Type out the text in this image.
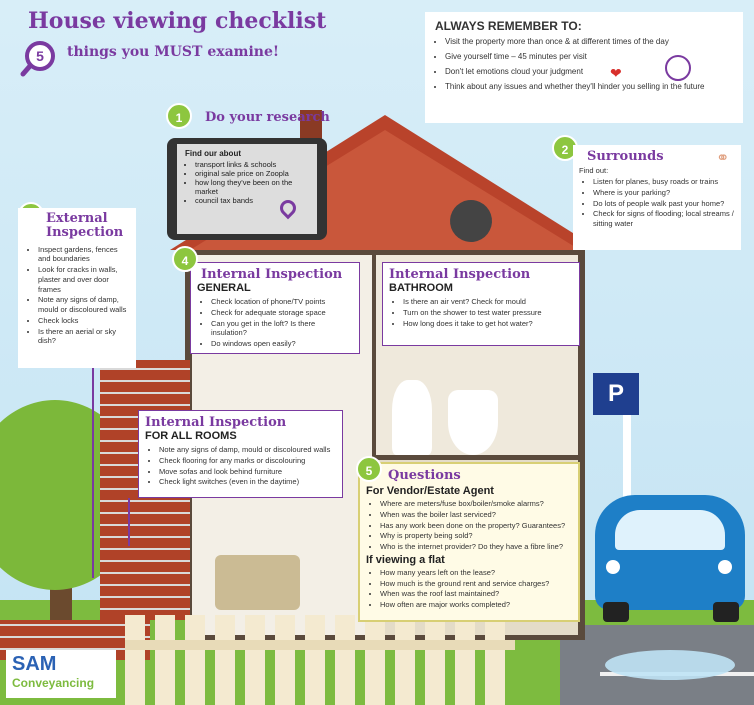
P
House viewing checklist
5 things you MUST examine!
ALWAYS REMEMBER TO:
• Visit the property more than once & at different times of the day
• Give yourself time – 45 minutes per visit
• Don't let emotions cloud your judgment
• Think about any issues and whether they'll hinder you selling in the future
❤
1	Do your research
Find our about
• transport links & schools
• original sale price on Zoopla
• how long they've been on the market
• council tax bands
2	Surrounds
Find out:
• Listen for planes, busy roads or trains
• Where is your parking?
• Do lots of people walk past your home?
• Check for signs of flooding; local streams / sitting water
⚭
External Inspection
• Inspect gardens, fences and boundaries
• Look for cracks in walls, plaster and over door frames
• Note any signs of damp, mould or discoloured walls
• Check locks
• Is there an aerial or sky dish?
Internal Inspection
GENERAL
• Check location of phone/TV points
• Check for adequate storage space
• Can you get in the loft? Is there insulation?
• Do windows open easily?
4
Internal Inspection
BATHROOM
• Is there an air vent? Check for mould
• Turn on the shower to test water pressure
• How long does it take to get hot water?
Internal Inspection
FOR ALL ROOMS
• Note any signs of damp, mould or discoloured walls
• Check flooring for any marks or discolouring
• Move sofas and look behind furniture
• Check light switches (even in the daytime)	Questions
For Vendor/Estate Agent
• Where are meters/fuse box/boiler/smoke alarms?
• When was the boiler last serviced?
• Has any work been done on the property? Guarantees?
• Why is property being sold?
• Who is the internet provider? Do they have a fibre line?
If viewing a flat
• How many years left on the lease?
• How much is the ground rent and service charges?
• When was the roof last maintained?
• How often are major works completed?
5
SAM
Conveyancing
